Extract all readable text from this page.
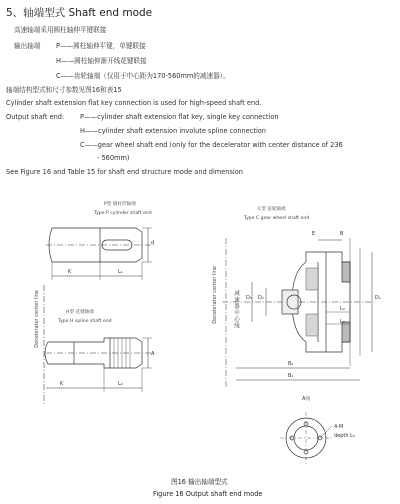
5、轴端型式 Shaft end mode
高速轴端采用圆柱轴伸平键联接
输出轴端 P——圆柱轴伸平键，单键联接
H——圆柱轴伸渐开线花键联接
C——齿轮轴端（仅用于中心距为170-560mm的减速器）。
轴端结构型式和尺寸参数见图16和表15
Cylinder shaft extension flat key connection is used for high-speed shaft end.
Output shaft end: P——cylinder shaft extension flat key, single key connection
H——cylinder shaft extension involute spline connection
C——gear wheel shaft end (only for the decelerator with center distance of 236
- 560mm)
See Figure 16 and Table 15 for shaft end structure mode and dimension
P型 圆柱形轴端
Type P cylinder shaft end
d
K	L₁
Decelerator center line	H型 花键轴端
Type H spline shaft end
A
K	L₂
C型 齿轮轴端
Type C gear wheel shaft end
E	B
Decelerator center line	减速器中心线 D₃ D₂	D₁
L₃
L₄
B₂
B₁
A向
4-M
depth L₅
图16 输出轴端型式
Figure 16 Output shaft end mode
